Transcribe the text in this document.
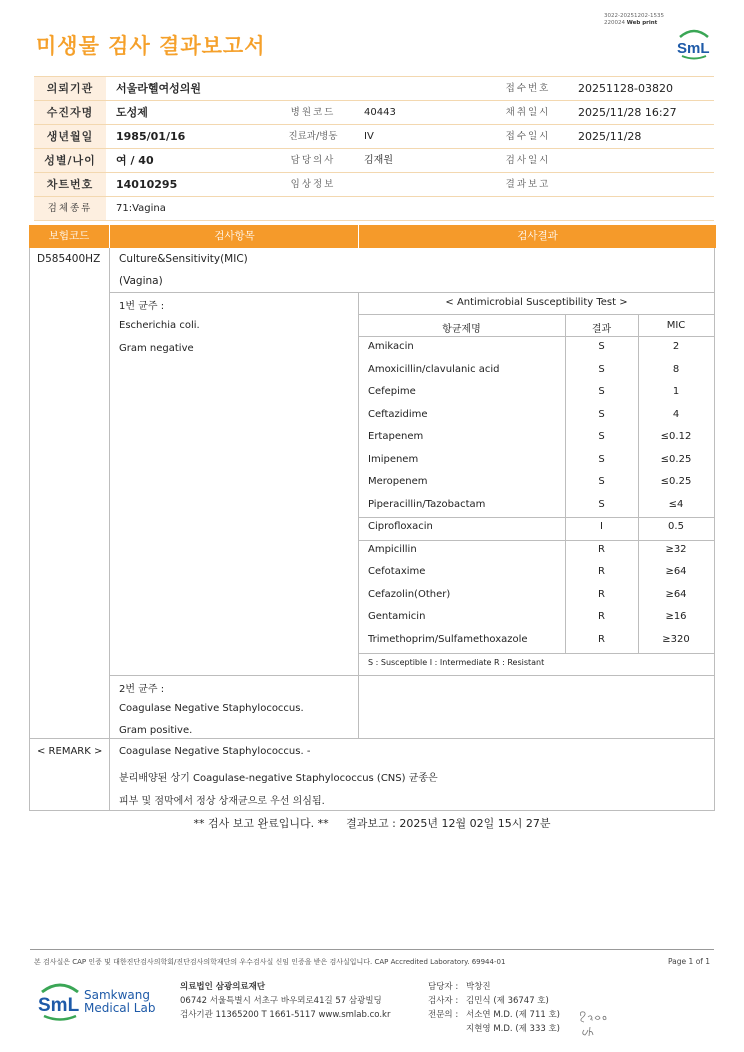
미생물 검사 결과보고서
3022-20251202-1535
220024 Web print
SmL
의뢰기관	서울라헬여성의원	접수번호	20251128-03820
수진자명	도성제	병원코드	40443	채취일시	2025/11/28 16:27
생년월일	1985/01/16	진료과/병동	IV	접수일시	2025/11/28
성별/나이	여 / 40	담당의사	김재원	검사일시
차트번호	14010295	임상정보	결과보고
검체종류	71:Vagina
보험코드	검사항목	검사결과
D585400HZ Culture&Sensitivity(MIC)
(Vagina)
1번 균주 :
Escherichia coli.
Gram negative
< Antimicrobial Susceptibility Test >
항균제명	결과	MIC
Amikacin	S	2
Amoxicillin/clavulanic acid	S	8
Cefepime	S	1
Ceftazidime	S	4
Ertapenem	S	≤0.12
Imipenem	S	≤0.25
Meropenem	S	≤0.25
Piperacillin/Tazobactam	S	≤4
Ciprofloxacin	I	0.5
Ampicillin	R	≥32
Cefotaxime	R	≥64
Cefazolin(Other)	R	≥64
Gentamicin	R	≥16
Trimethoprim/Sulfamethoxazole	R	≥320
S : Susceptible I : Intermediate R : Resistant
2번 균주 :
Coagulase Negative Staphylococcus.
Gram positive.
< REMARK > Coagulase Negative Staphylococcus. -
분리배양된 상기 Coagulase-negative Staphylococcus (CNS) 균종은
피부 및 점막에서 정상 상재균으로 우선 의심됨.
** 검사 보고 완료입니다. **     결과보고 : 2025년 12월 02일 15시 27분
본 검사실은 CAP 인증 및 대한진단검사의학회/진단검사의학재단의 우수검사실 신임 인증을 받은 검사실입니다. CAP Accredited Laboratory. 69944-01	Page 1 of 1
SmL Samkwang
Medical Lab
의료법인 삼광의료재단
06742 서울특별시 서초구 바우뫼로41길 57 삼광빌딩
검사기관 11365200 T 1661-5117 www.smlab.co.kr
담당자 : 박창진
검사자 : 김민식 (제 36747 호)
전문의 : 서소연 M.D. (제 711 호)
지현영 M.D. (제 333 호)
